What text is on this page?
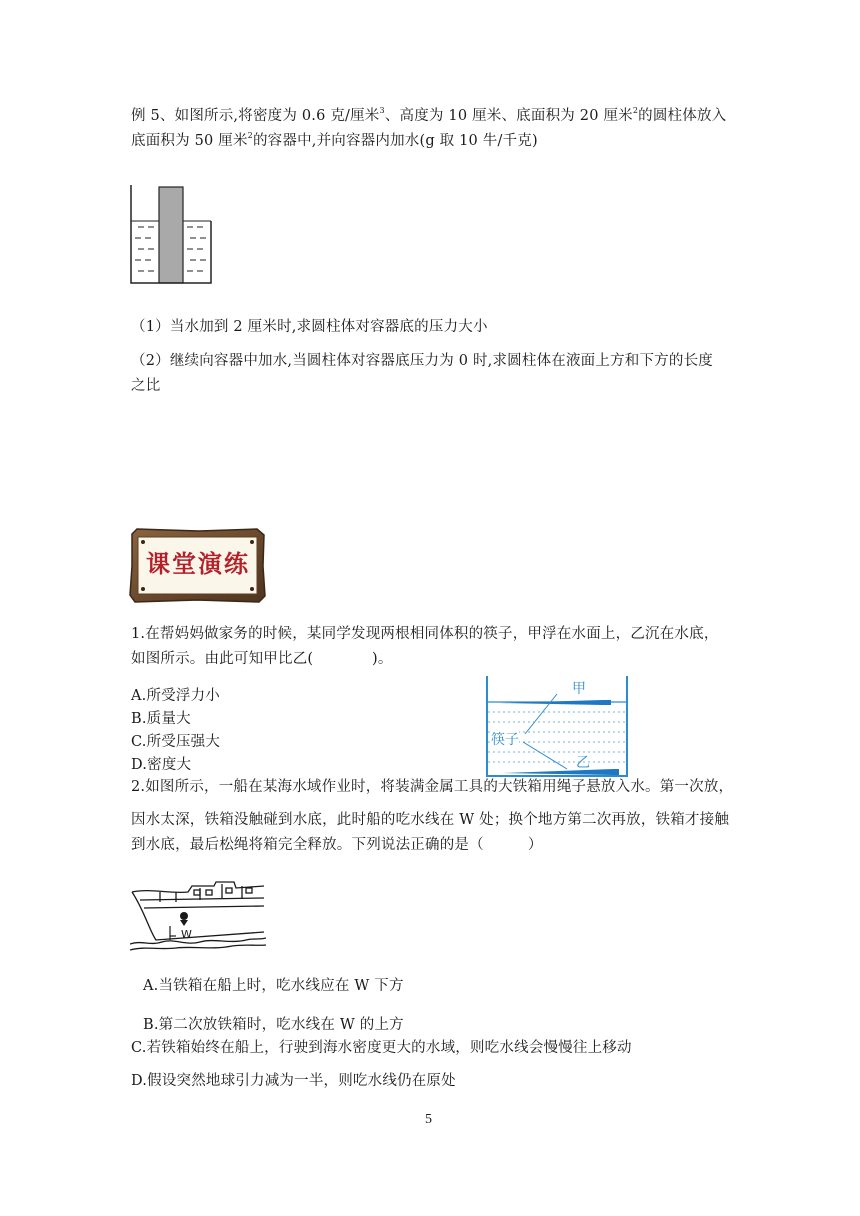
例 5、如图所示,将密度为 0.6 克/厘米$^3$、高度为 10 厘米、底面积为 20 厘米$^2$的圆柱体放入
底面积为 50 厘米$^2$的容器中,并向容器内加水(g 取 10 牛/千克)
（1）当水加到 2 厘米时,求圆柱体对容器底的压力大小
（2）继续向容器中加水,当圆柱体对容器底压力为 0 时,求圆柱体在液面上方和下方的长度
之比
课堂演练
1.在帮妈妈做家务的时候，某同学发现两根相同体积的筷子，甲浮在水面上，乙沉在水底，
如图所示。由此可知甲比乙(　　　　)。
A.所受浮力小
B.质量大
C.所受压强大
D.密度大
甲
筷子
乙
2.如图所示，一船在某海水域作业时，将装满金属工具的大铁箱用绳子悬放入水。第一次放，
因水太深，铁箱没触碰到水底，此时船的吃水线在 W 处；换个地方第二次再放，铁箱才接触
到水底，最后松绳将箱完全释放。下列说法正确的是（　　　）
W
A.当铁箱在船上时，吃水线应在 W 下方
B.第二次放铁箱时，吃水线在 W 的上方
C.若铁箱始终在船上，行驶到海水密度更大的水域，则吃水线会慢慢往上移动
D.假设突然地球引力减为一半，则吃水线仍在原处
5
